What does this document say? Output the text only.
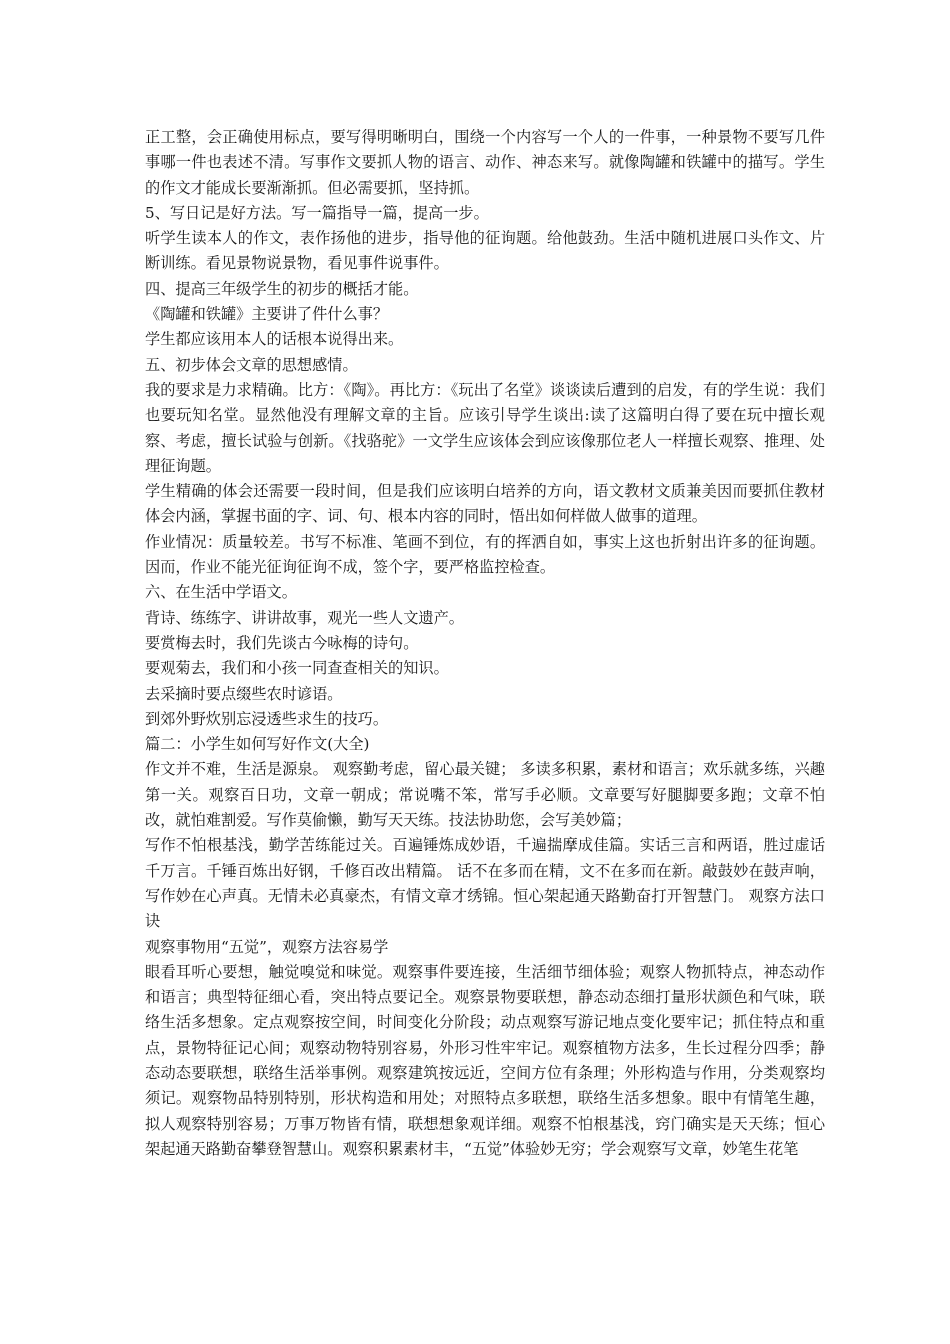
正工整，会正确使用标点，要写得明晰明白，围绕一个内容写一个人的一件事，一种景物不要写几件事哪一件也表述不清。写事作文要抓人物的语言、动作、神态来写。就像陶罐和铁罐中的描写。学生的作文才能成长要渐渐抓。但必需要抓，坚持抓。

5、写日记是好方法。写一篇指导一篇，提高一步。

听学生读本人的作文，表作扬他的进步，指导他的征询题。给他鼓劲。生活中随机进展口头作文、片断训练。看见景物说景物，看见事件说事件。

四、提高三年级学生的初步的概括才能。

《陶罐和铁罐》主要讲了件什么事？

学生都应该用本人的话根本说得出来。

五、初步体会文章的思想感情。

我的要求是力求精确。比方：《陶》。再比方：《玩出了名堂》谈谈读后遭到的启发，有的学生说：我们也要玩知名堂。显然他没有理解文章的主旨。应该引导学生谈出:读了这篇明白得了要在玩中擅长观察、考虑，擅长试验与创新。《找骆驼》一文学生应该体会到应该像那位老人一样擅长观察、推理、处理征询题。

学生精确的体会还需要一段时间，但是我们应该明白培养的方向，语文教材文质兼美因而要抓住教材体会内涵，掌握书面的字、词、句、根本内容的同时，悟出如何样做人做事的道理。

作业情况：质量较差。书写不标准、笔画不到位，有的挥洒自如，事实上这也折射出许多的征询题。因而，作业不能光征询征询不成，签个字，要严格监控检查。

六、在生活中学语文。

背诗、练练字、讲讲故事，观光一些人文遗产。

要赏梅去时，我们先谈古今咏梅的诗句。

要观菊去，我们和小孩一同查查相关的知识。

去采摘时要点缀些农时谚语。

到郊外野炊别忘浸透些求生的技巧。

篇二：小学生如何写好作文(大全)

作文并不难，生活是源泉。 观察勤考虑，留心最关键； 多读多积累，素材和语言；欢乐就多练，兴趣第一关。观察百日功，文章一朝成；常说嘴不笨，常写手必顺。文章要写好腿脚要多跑；文章不怕改，就怕难割爱。写作莫偷懒，勤写天天练。技法协助您，会写美妙篇；

写作不怕根基浅，勤学苦练能过关。百遍锤炼成妙语，千遍揣摩成佳篇。实话三言和两语，胜过虚话千万言。千锤百炼出好钢，千修百改出精篇。 话不在多而在精，文不在多而在新。敲鼓妙在鼓声响，写作妙在心声真。无情未必真豪杰，有情文章才绣锦。恒心架起通天路勤奋打开智慧门。 观察方法口诀

观察事物用“五觉”，观察方法容易学

眼看耳听心要想，触觉嗅觉和味觉。观察事件要连接，生活细节细体验；观察人物抓特点，神态动作和语言；典型特征细心看，突出特点要记全。观察景物要联想，静态动态细打量形状颜色和气味，联络生活多想象。定点观察按空间，时间变化分阶段；动点观察写游记地点变化要牢记；抓住特点和重点，景物特征记心间；观察动物特别容易，外形习性牢牢记。观察植物方法多，生长过程分四季；静态动态要联想，联络生活举事例。观察建筑按远近，空间方位有条理；外形构造与作用，分类观察均须记。观察物品特别特别，形状构造和用处；对照特点多联想，联络生活多想象。眼中有情笔生趣，拟人观察特别容易；万事万物皆有情，联想想象观详细。观察不怕根基浅，窍门确实是天天练；恒心架起通天路勤奋攀登智慧山。观察积累素材丰，“五觉”体验妙无穷；学会观察写文章，妙笔生花笔
